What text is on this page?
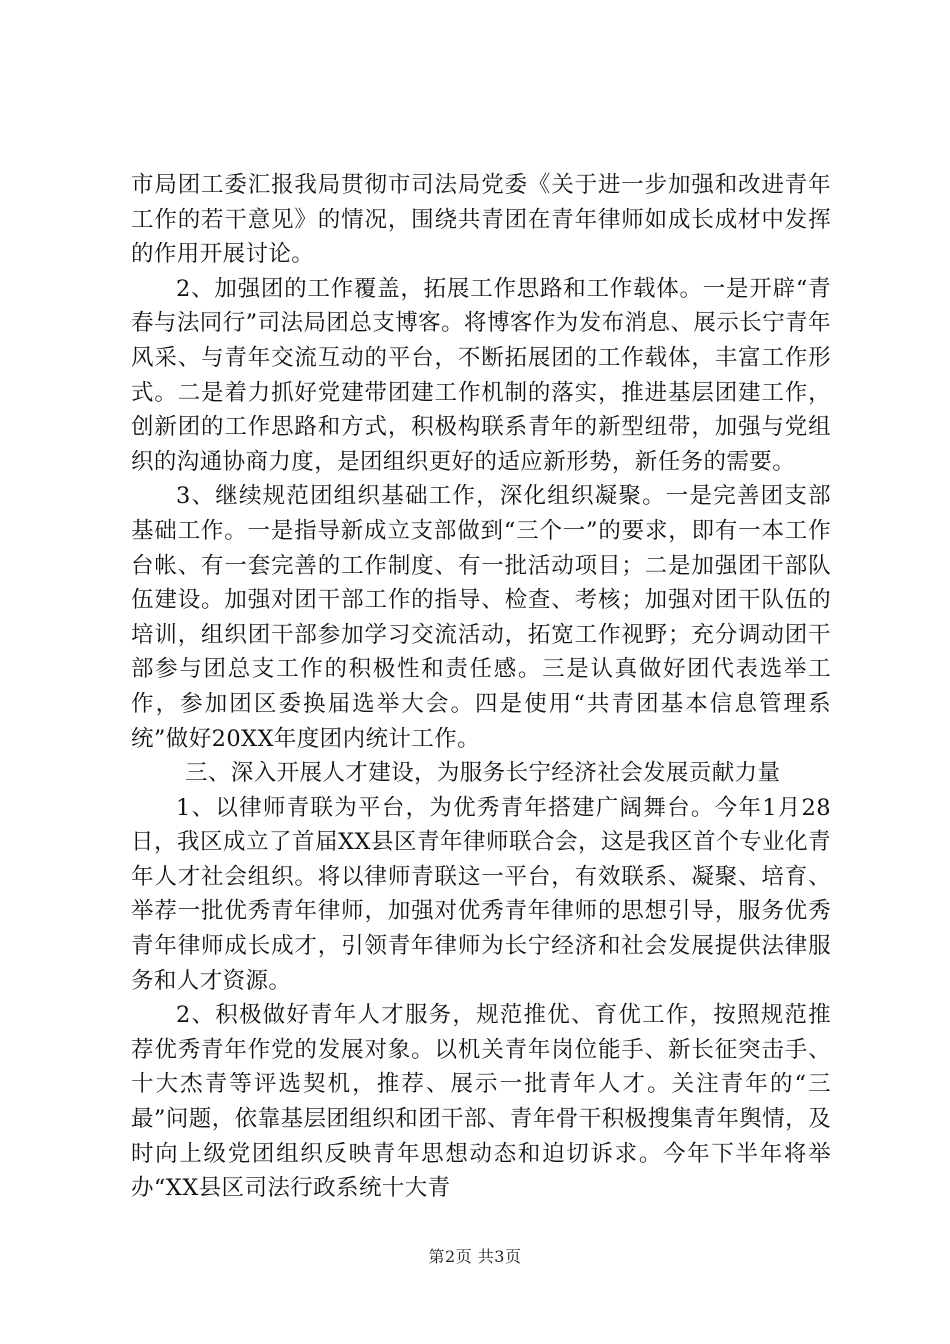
市局团工委汇报我局贯彻市司法局党委《关于进一步加强和改进青年工作的若干意见》的情况，围绕共青团在青年律师如成长成材中发挥的作用开展讨论。

2、加强团的工作覆盖，拓展工作思路和工作载体。一是开辟“青春与法同行”司法局团总支博客。将博客作为发布消息、展示长宁青年风采、与青年交流互动的平台，不断拓展团的工作载体，丰富工作形式。二是着力抓好党建带团建工作机制的落实，推进基层团建工作，创新团的工作思路和方式，积极构联系青年的新型纽带，加强与党组织的沟通协商力度，是团组织更好的适应新形势，新任务的需要。

3、继续规范团组织基础工作，深化组织凝聚。一是完善团支部基础工作。一是指导新成立支部做到“三个一”的要求，即有一本工作台帐、有一套完善的工作制度、有一批活动项目；二是加强团干部队伍建设。加强对团干部工作的指导、检查、考核；加强对团干队伍的培训，组织团干部参加学习交流活动，拓宽工作视野；充分调动团干部参与团总支工作的积极性和责任感。三是认真做好团代表选举工作，参加团区委换届选举大会。四是使用“共青团基本信息管理系统”做好20XX年度团内统计工作。

三、深入开展人才建设，为服务长宁经济社会发展贡献力量

1、以律师青联为平台，为优秀青年搭建广阔舞台。今年1月28日，我区成立了首届XX县区青年律师联合会，这是我区首个专业化青年人才社会组织。将以律师青联这一平台，有效联系、凝聚、培育、举荐一批优秀青年律师，加强对优秀青年律师的思想引导，服务优秀青年律师成长成才，引领青年律师为长宁经济和社会发展提供法律服务和人才资源。

2、积极做好青年人才服务，规范推优、育优工作，按照规范推荐优秀青年作党的发展对象。以机关青年岗位能手、新长征突击手、十大杰青等评选契机，推荐、展示一批青年人才。关注青年的“三最”问题，依靠基层团组织和团干部、青年骨干积极搜集青年舆情，及时向上级党团组织反映青年思想动态和迫切诉求。今年下半年将举办“XX县区司法行政系统十大青

第2页 共3页
